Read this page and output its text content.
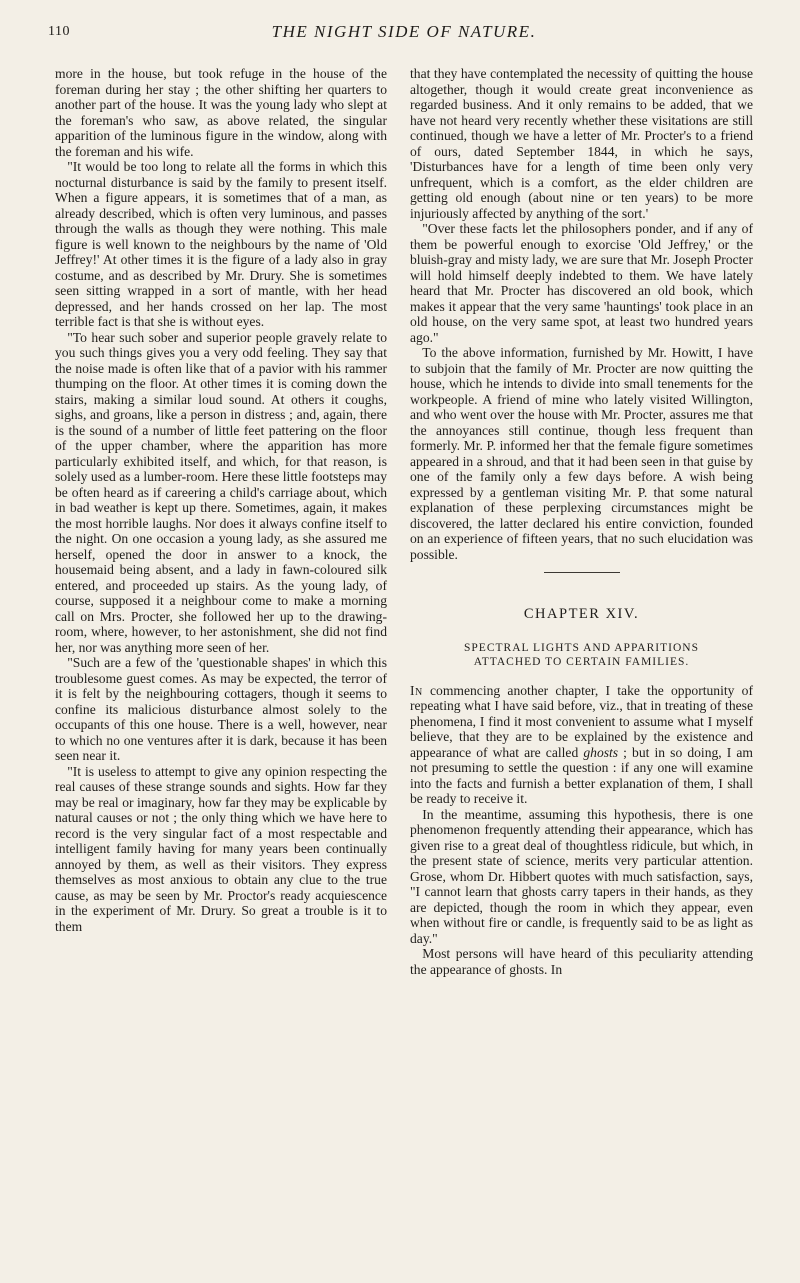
110	THE NIGHT SIDE OF NATURE.

more in the house, but took refuge in the house of the foreman during her stay ; the other shifting her quarters to another part of the house. It was the young lady who slept at the foreman's who saw, as above related, the singular apparition of the luminous figure in the window, along with the foreman and his wife.

"It would be too long to relate all the forms in which this nocturnal disturbance is said by the family to present itself. When a figure appears, it is sometimes that of a man, as already described, which is often very luminous, and passes through the walls as though they were nothing. This male figure is well known to the neighbours by the name of 'Old Jeffrey!' At other times it is the figure of a lady also in gray costume, and as described by Mr. Drury. She is sometimes seen sitting wrapped in a sort of mantle, with her head depressed, and her hands crossed on her lap. The most terrible fact is that she is without eyes.

"To hear such sober and superior people gravely relate to you such things gives you a very odd feeling. They say that the noise made is often like that of a pavior with his rammer thumping on the floor. At other times it is coming down the stairs, making a similar loud sound. At others it coughs, sighs, and groans, like a person in distress ; and, again, there is the sound of a number of little feet pattering on the floor of the upper chamber, where the apparition has more particularly exhibited itself, and which, for that reason, is solely used as a lumber-room. Here these little footsteps may be often heard as if careering a child's carriage about, which in bad weather is kept up there. Sometimes, again, it makes the most horrible laughs. Nor does it always confine itself to the night. On one occasion a young lady, as she assured me herself, opened the door in answer to a knock, the housemaid being absent, and a lady in fawn-coloured silk entered, and proceeded up stairs. As the young lady, of course, supposed it a neighbour come to make a morning call on Mrs. Procter, she followed her up to the drawing-room, where, however, to her astonishment, she did not find her, nor was anything more seen of her.

"Such are a few of the 'questionable shapes' in which this troublesome guest comes. As may be expected, the terror of it is felt by the neighbouring cottagers, though it seems to confine its malicious disturbance almost solely to the occupants of this one house. There is a well, however, near to which no one ventures after it is dark, because it has been seen near it.

"It is useless to attempt to give any opinion respecting the real causes of these strange sounds and sights. How far they may be real or imaginary, how far they may be explicable by natural causes or not ; the only thing which we have here to record is the very singular fact of a most respectable and intelligent family having for many years been continually annoyed by them, as well as their visitors. They express themselves as most anxious to obtain any clue to the true cause, as may be seen by Mr. Proctor's ready acquiescence in the experiment of Mr. Drury. So great a trouble is it to them

that they have contemplated the necessity of quitting the house altogether, though it would create great inconvenience as regarded business. And it only remains to be added, that we have not heard very recently whether these visitations are still continued, though we have a letter of Mr. Procter's to a friend of ours, dated September 1844, in which he says, 'Disturbances have for a length of time been only very unfrequent, which is a comfort, as the elder children are getting old enough (about nine or ten years) to be more injuriously affected by anything of the sort.'

"Over these facts let the philosophers ponder, and if any of them be powerful enough to exorcise 'Old Jeffrey,' or the bluish-gray and misty lady, we are sure that Mr. Joseph Procter will hold himself deeply indebted to them. We have lately heard that Mr. Procter has discovered an old book, which makes it appear that the very same 'hauntings' took place in an old house, on the very same spot, at least two hundred years ago."

To the above information, furnished by Mr. Howitt, I have to subjoin that the family of Mr. Procter are now quitting the house, which he intends to divide into small tenements for the workpeople. A friend of mine who lately visited Willington, and who went over the house with Mr. Procter, assures me that the annoyances still continue, though less frequent than formerly. Mr. P. informed her that the female figure sometimes appeared in a shroud, and that it had been seen in that guise by one of the family only a few days before. A wish being expressed by a gentleman visiting Mr. P. that some natural explanation of these perplexing circumstances might be discovered, the latter declared his entire conviction, founded on an experience of fifteen years, that no such elucidation was possible.

CHAPTER XIV.
SPECTRAL LIGHTS AND APPARITIONS
ATTACHED TO CERTAIN FAMILIES.

In commencing another chapter, I take the opportunity of repeating what I have said before, viz., that in treating of these phenomena, I find it most convenient to assume what I myself believe, that they are to be explained by the existence and appearance of what are called ghosts ; but in so doing, I am not presuming to settle the question : if any one will examine into the facts and furnish a better explanation of them, I shall be ready to receive it.

In the meantime, assuming this hypothesis, there is one phenomenon frequently attending their appearance, which has given rise to a great deal of thoughtless ridicule, but which, in the present state of science, merits very particular attention. Grose, whom Dr. Hibbert quotes with much satisfaction, says, "I cannot learn that ghosts carry tapers in their hands, as they are depicted, though the room in which they appear, even when without fire or candle, is frequently said to be as light as day."

Most persons will have heard of this peculiarity attending the appearance of ghosts. In
